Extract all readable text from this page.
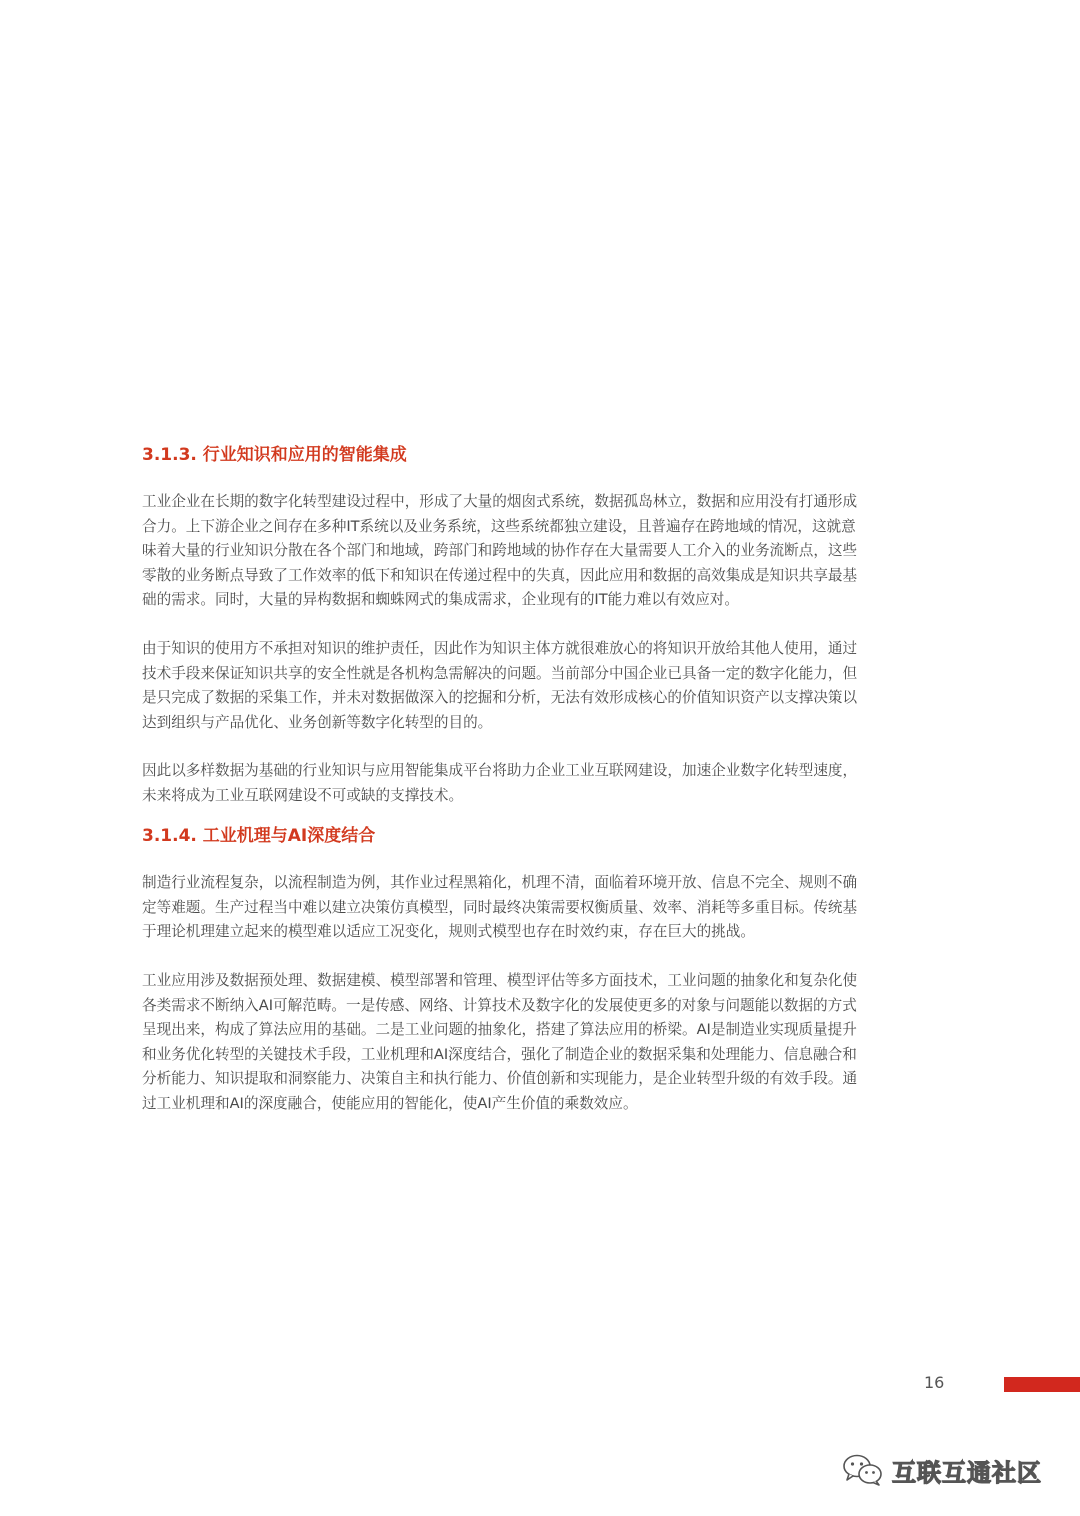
3.1.3. 行业知识和应用的智能集成

工业企业在长期的数字化转型建设过程中，形成了大量的烟囱式系统，数据孤岛林立，数据和应用没有打通形成
合力。上下游企业之间存在多种IT系统以及业务系统，这些系统都独立建设，且普遍存在跨地域的情况，这就意
味着大量的行业知识分散在各个部门和地域，跨部门和跨地域的协作存在大量需要人工介入的业务流断点，这些
零散的业务断点导致了工作效率的低下和知识在传递过程中的失真，因此应用和数据的高效集成是知识共享最基
础的需求。同时，大量的异构数据和蜘蛛网式的集成需求，企业现有的IT能力难以有效应对。

由于知识的使用方不承担对知识的维护责任，因此作为知识主体方就很难放心的将知识开放给其他人使用，通过
技术手段来保证知识共享的安全性就是各机构急需解决的问题。当前部分中国企业已具备一定的数字化能力，但
是只完成了数据的采集工作，并未对数据做深入的挖掘和分析，无法有效形成核心的价值知识资产以支撑决策以
达到组织与产品优化、业务创新等数字化转型的目的。

因此以多样数据为基础的行业知识与应用智能集成平台将助力企业工业互联网建设，加速企业数字化转型速度，
未来将成为工业互联网建设不可或缺的支撑技术。

3.1.4. 工业机理与AI深度结合

制造行业流程复杂，以流程制造为例，其作业过程黑箱化，机理不清，面临着环境开放、信息不完全、规则不确
定等难题。生产过程当中难以建立决策仿真模型，同时最终决策需要权衡质量、效率、消耗等多重目标。传统基
于理论机理建立起来的模型难以适应工况变化，规则式模型也存在时效约束，存在巨大的挑战。

工业应用涉及数据预处理、数据建模、模型部署和管理、模型评估等多方面技术，工业问题的抽象化和复杂化使
各类需求不断纳入AI可解范畴。一是传感、网络、计算技术及数字化的发展使更多的对象与问题能以数据的方式
呈现出来，构成了算法应用的基础。二是工业问题的抽象化，搭建了算法应用的桥梁。AI是制造业实现质量提升
和业务优化转型的关键技术手段，工业机理和AI深度结合，强化了制造企业的数据采集和处理能力、信息融合和
分析能力、知识提取和洞察能力、决策自主和执行能力、价值创新和实现能力，是企业转型升级的有效手段。通
过工业机理和AI的深度融合，使能应用的智能化，使AI产生价值的乘数效应。

16
互联互通社区
